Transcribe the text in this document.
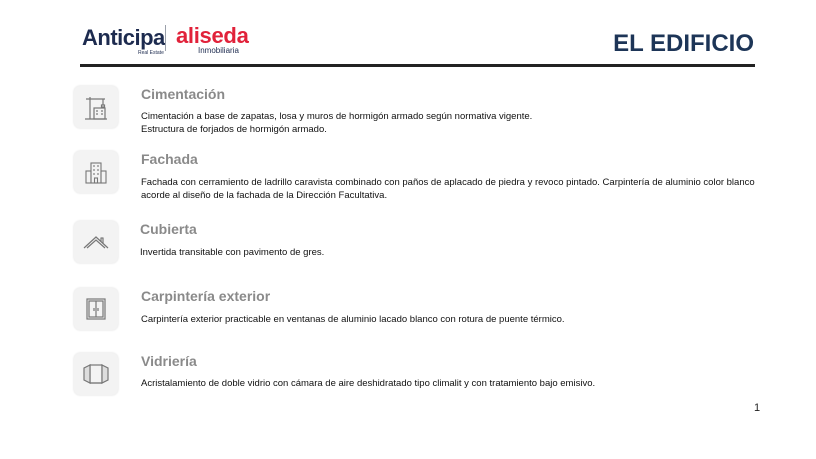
Anticipa
Real Estate
aliseda
Inmobiliaria	EL EDIFICIO
Cimentación
Cimentación a base de zapatas, losa y muros de hormigón armado según normativa vigente.
Estructura de forjados de hormigón armado.
Fachada
Fachada con cerramiento de ladrillo caravista combinado con paños de aplacado de piedra y revoco pintado. Carpintería de aluminio color blanco acorde al diseño de la fachada de la Dirección Facultativa.
Cubierta
Invertida transitable con pavimento de gres.
Carpintería exterior
Carpintería exterior practicable en ventanas de aluminio lacado blanco con rotura de puente térmico.
Vidriería
Acristalamiento de doble vidrio con cámara de aire deshidratado tipo climalit y con tratamiento bajo emisivo.
1
